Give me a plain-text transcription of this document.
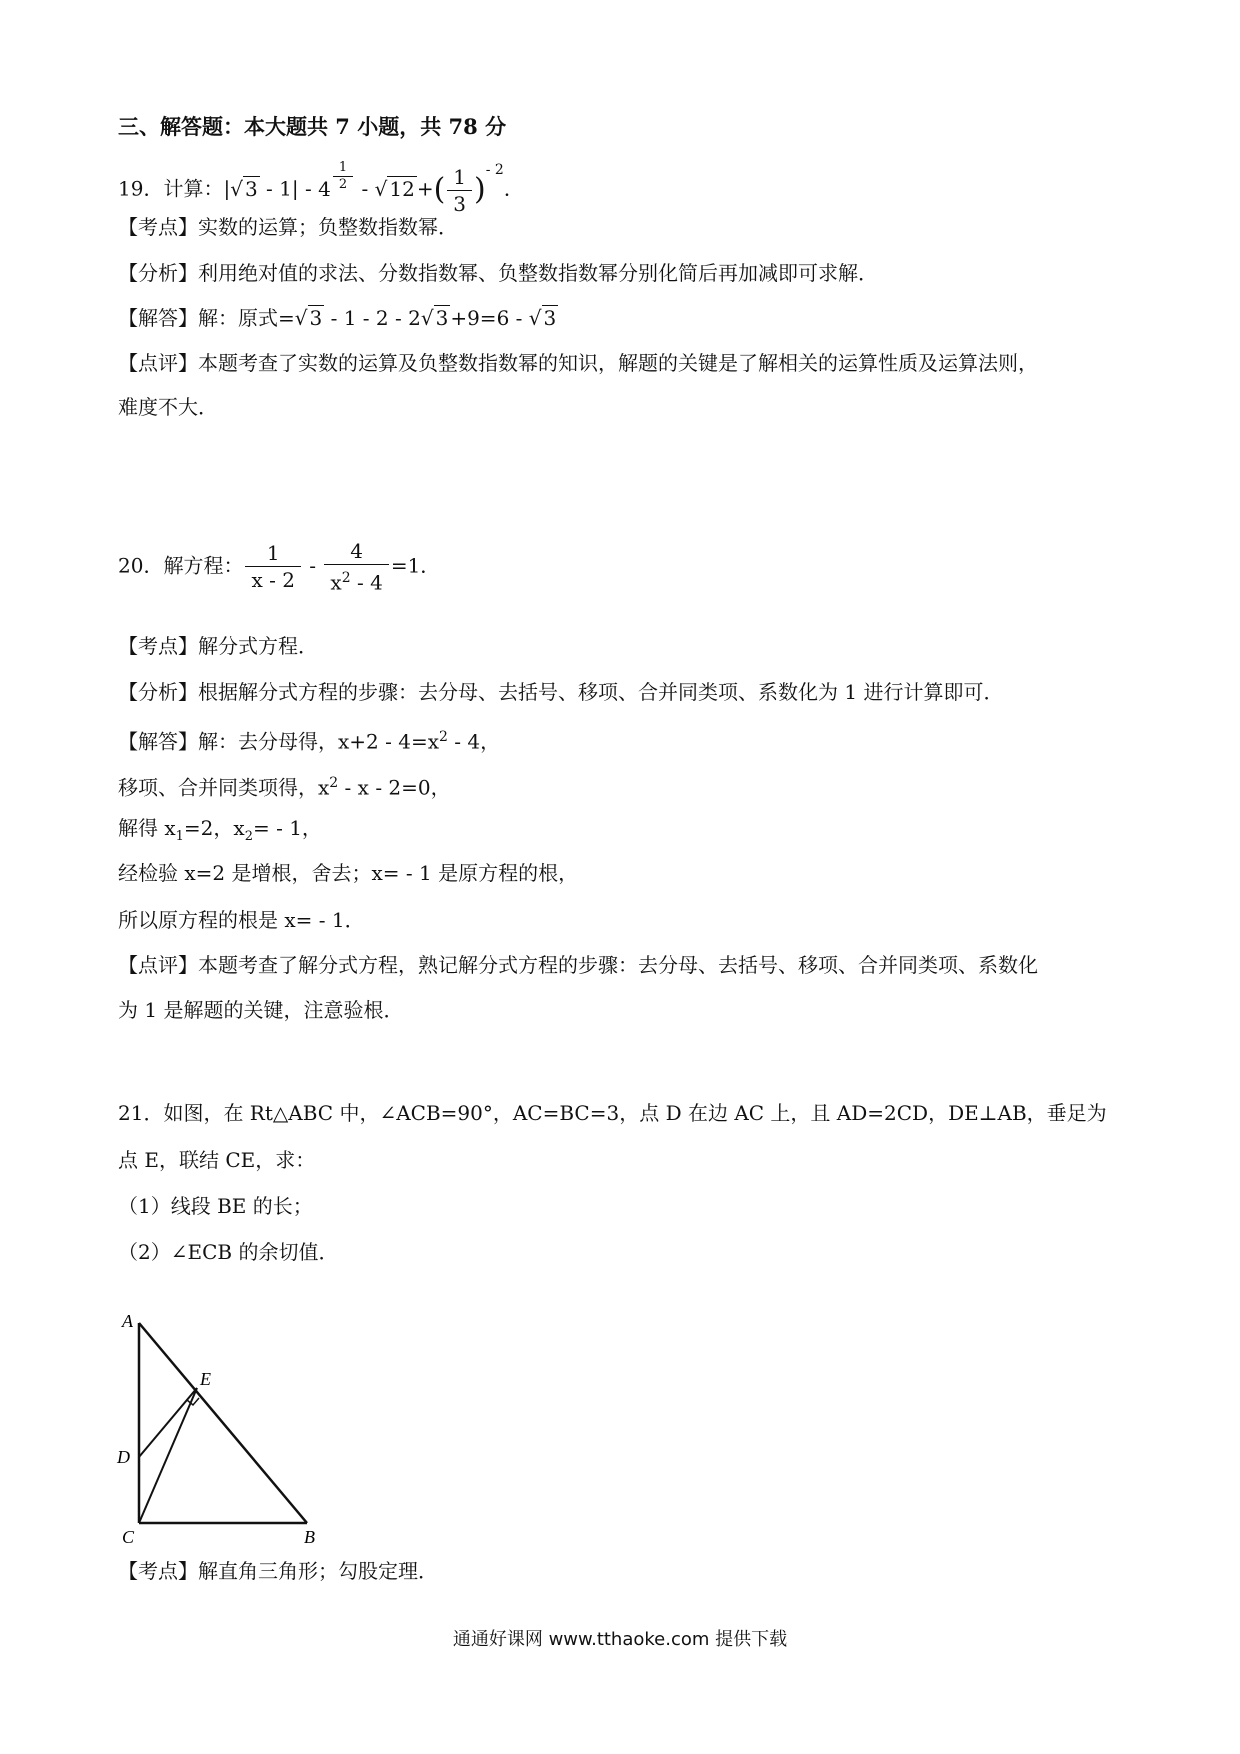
三、解答题：本大题共 7 小题，共 78 分
19．计算：|√ $3 - 1| - 4 \frac{1}{2}$ - √ 12 +( $\frac{1}{3} )^{- 2}$．
【考点】实数的运算；负整数指数幂．
【分析】利用绝对值的求法、分数指数幂、负整数指数幂分别化简后再加减即可求解．
【解答】解：原式=√ 3 - 1 - 2 - 2√ 3 +9=6 - √ 3
【点评】本题考查了实数的运算及负整数指数幂的知识，解题的关键是了解相关的运算性质及运算法则，
难度不大．
20．解方程： $\frac{1}{x - 2} - \frac{4}{x^2 - 4} =1$．
【考点】解分式方程．
【分析】根据解分式方程的步骤：去分母、去括号、移项、合并同类项、系数化为 1 进行计算即可．
【解答】解：去分母得，$x+2 - 4=x^2 - 4$，
移项、合并同类项得，$x^2 - x - 2=0$，
解得 $x_1=2$，$x_2= - 1$，
经检验 x=2 是增根，舍去；x= - 1 是原方程的根，
所以原方程的根是 x= - 1．
【点评】本题考查了解分式方程，熟记解分式方程的步骤：去分母、去括号、移项、合并同类项、系数化
为 1 是解题的关键，注意验根．
21．如图，在 Rt△ABC 中，∠ACB=90°，AC=BC=3，点 D 在边 AC 上，且 AD=2CD，DE⊥AB，垂足为
点 E，联结 CE，求：
（1）线段 BE 的长；
（2）∠ECB 的余切值．
A
E
D
C	B
【考点】解直角三角形；勾股定理．
通通好课网 www.tthaoke.com 提供下载
